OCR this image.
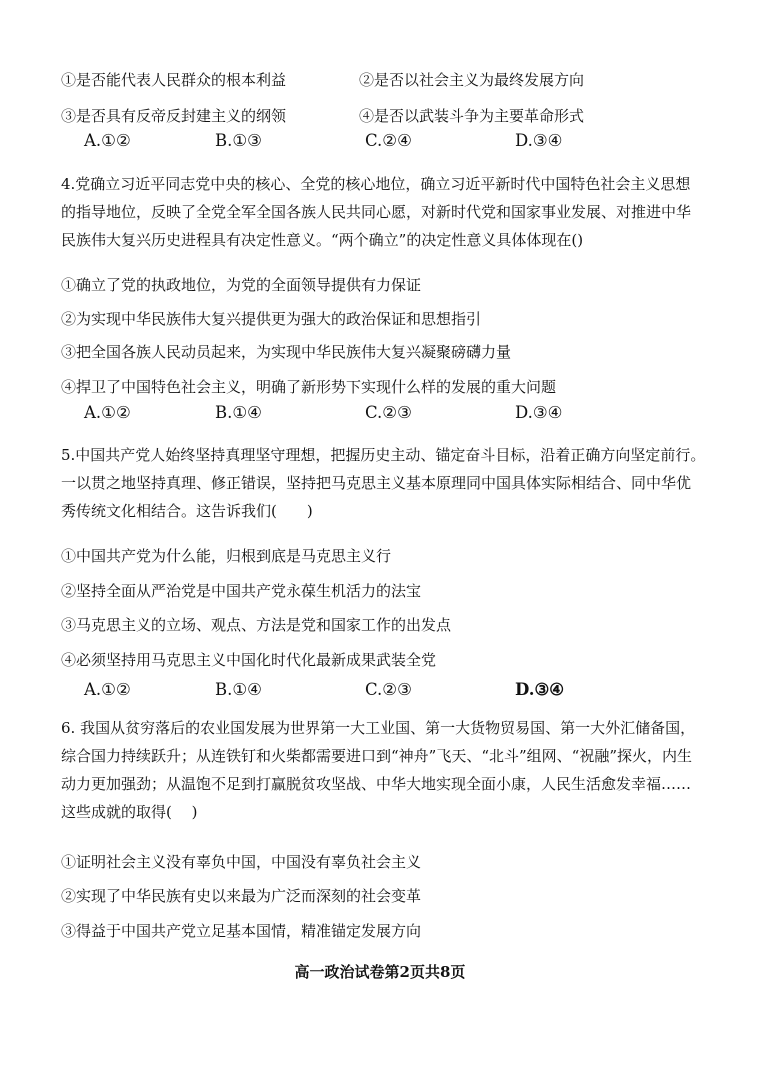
①是否能代表人民群众的根本利益	②是否以社会主义为最终发展方向
③是否具有反帝反封建主义的纲领	④是否以武装斗争为主要革命形式
A.①②	B.①③	C.②④	D.③④
4.党确立习近平同志党中央的核心、全党的核心地位，确立习近平新时代中国特色社会主义思想
的指导地位，反映了全党全军全国各族人民共同心愿，对新时代党和国家事业发展、对推进中华
民族伟大复兴历史进程具有决定性意义。“两个确立”的决定性意义具体体现在()
①确立了党的执政地位，为党的全面领导提供有力保证
②为实现中华民族伟大复兴提供更为强大的政治保证和思想指引
③把全国各族人民动员起来，为实现中华民族伟大复兴凝聚磅礴力量
④捍卫了中国特色社会主义，明确了新形势下实现什么样的发展的重大问题
A.①②	B.①④	C.②③	D.③④
5.中国共产党人始终坚持真理坚守理想，把握历史主动、锚定奋斗目标，沿着正确方向坚定前行。
一以贯之地坚持真理、修正错误，坚持把马克思主义基本原理同中国具体实际相结合、同中华优
秀传统文化相结合。这告诉我们(　　)
①中国共产党为什么能，归根到底是马克思主义行
②坚持全面从严治党是中国共产党永葆生机活力的法宝
③马克思主义的立场、观点、方法是党和国家工作的出发点
④必须坚持用马克思主义中国化时代化最新成果武装全党
A.①②	B.①④	C.②③	D.③④
6. 我国从贫穷落后的农业国发展为世界第一大工业国、第一大货物贸易国、第一大外汇储备国，
综合国力持续跃升；从连铁钉和火柴都需要进口到“神舟”飞天、“北斗”组网、“祝融”探火，内生
动力更加强劲；从温饱不足到打赢脱贫攻坚战、中华大地实现全面小康，人民生活愈发幸福……
这些成就的取得(　 )
①证明社会主义没有辜负中国，中国没有辜负社会主义
②实现了中华民族有史以来最为广泛而深刻的社会变革
③得益于中国共产党立足基本国情，精准锚定发展方向
高一政治试卷第2页共8页
